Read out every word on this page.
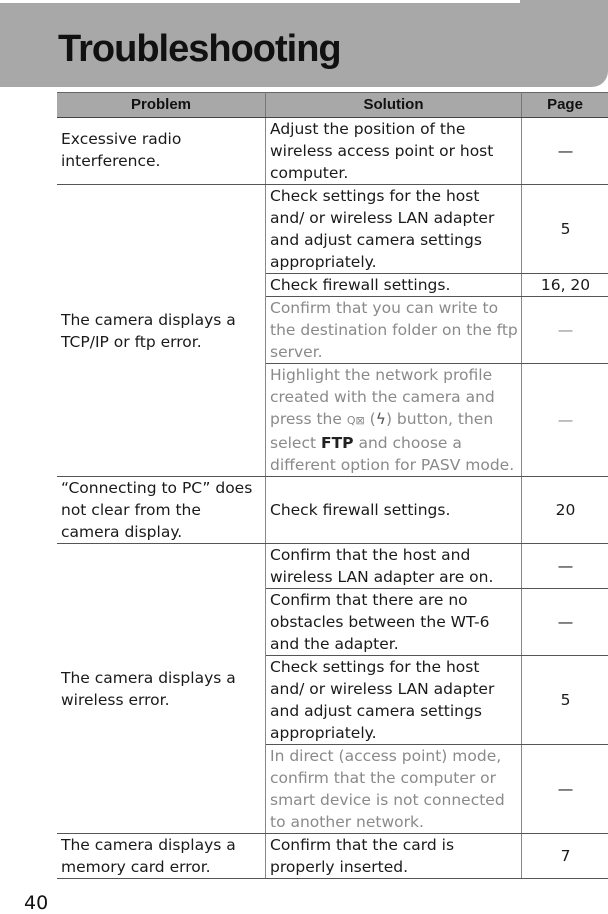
Troubleshooting
Problem	Solution	Page
Excessive radio interference.	Adjust the position of the wireless access point or host computer.	—
The camera displays a TCP/IP or ftp error.	Check settings for the host and/ or wireless LAN adapter and adjust camera settings appropriately.	5
	Check firewall settings.	16, 20
	Confirm that you can write to the destination folder on the ftp server.	—
	Highlight the network profile created with the camera and press the Q⊠ (ϟ) button, then select FTP and choose a different option for PASV mode.	—
“Connecting to PC” does not clear from the camera display.	Check firewall settings.	20
The camera displays a wireless error.	Confirm that the host and wireless LAN adapter are on.	—
	Confirm that there are no obstacles between the WT-6 and the adapter.	—
	Check settings for the host and/ or wireless LAN adapter and adjust camera settings appropriately.	5
	In direct (access point) mode, confirm that the computer or smart device is not connected to another network.	—
The camera displays a memory card error.	Confirm that the card is properly inserted.	7
40
